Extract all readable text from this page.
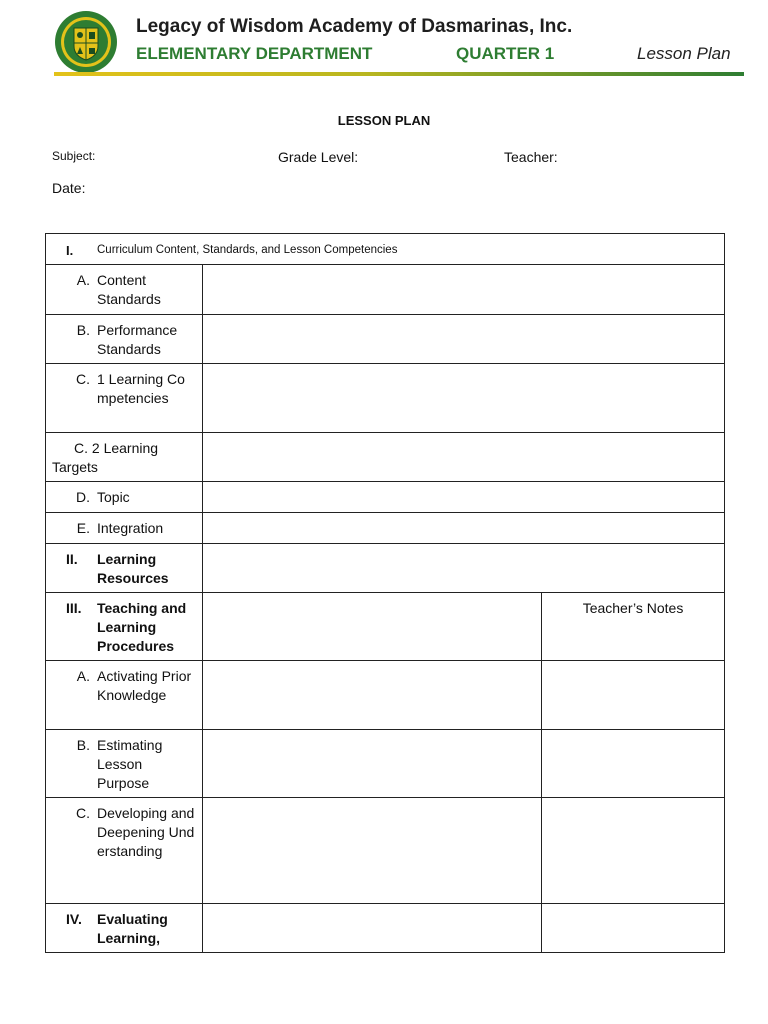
Legacy of Wisdom Academy of Dasmarinas, Inc.
ELEMENTARY DEPARTMENT	QUARTER 1	Lesson Plan
LESSON PLAN
Subject:	Grade Level:	Teacher:
Date:
I. Curriculum Content, Standards, and Lesson Competencies		

A. Content Standards		

B. Performance Standards		

C. 1 Learning Competencies		

C. 2 Learning Targets		

D. Topic		

E. Integration		

II. Learning Resources		

III. Teaching and Learning Procedures		Teacher’s Notes

A. Activating Prior Knowledge		

B. Estimating Lesson Purpose		

C. Developing and Deepening Understanding		

IV. Evaluating Learning,		
